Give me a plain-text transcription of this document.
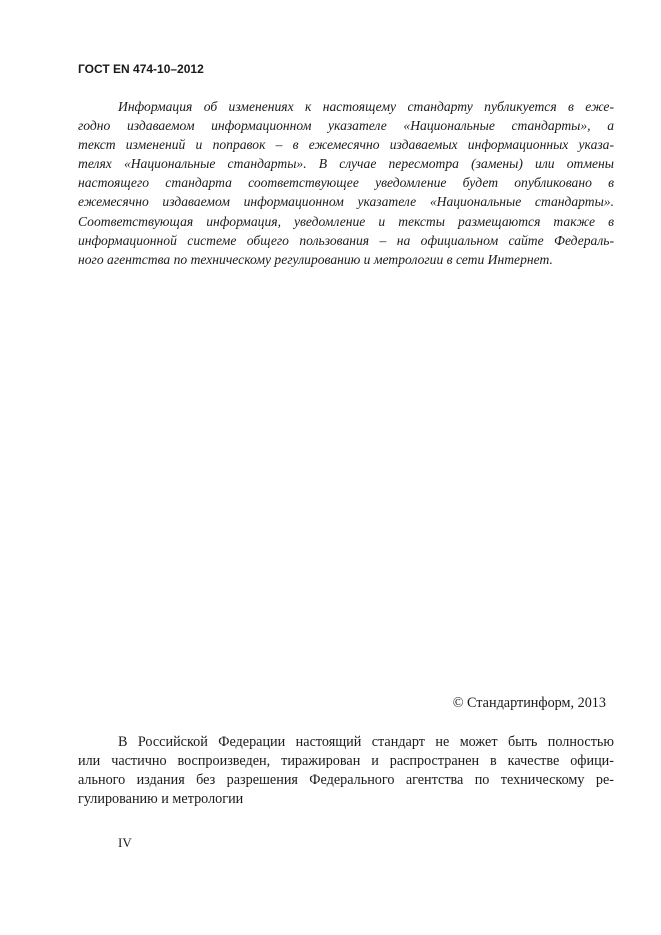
ГОСТ EN 474-10–2012
Информация об изменениях к настоящему стандарту публикуется в еже-
годно издаваемом информационном указателе «Национальные стандарты», а
текст изменений и поправок – в ежемесячно издаваемых информационных указа-
телях «Национальные стандарты». В случае пересмотра (замены) или отмены
настоящего стандарта соответствующее уведомление будет опубликовано в
ежемесячно издаваемом информационном указателе «Национальные стандарты».
Соответствующая информация, уведомление и тексты размещаются также в
информационной системе общего пользования – на официальном сайте Федераль-
ного агентства по техническому регулированию и метрологии в сети Интернет.
© Стандартинформ, 2013
В Российской Федерации настоящий стандарт не может быть полностью
или частично воспроизведен, тиражирован и распространен в качестве офици-
ального издания без разрешения Федерального агентства по техническому ре-
гулированию и метрологии
IV
